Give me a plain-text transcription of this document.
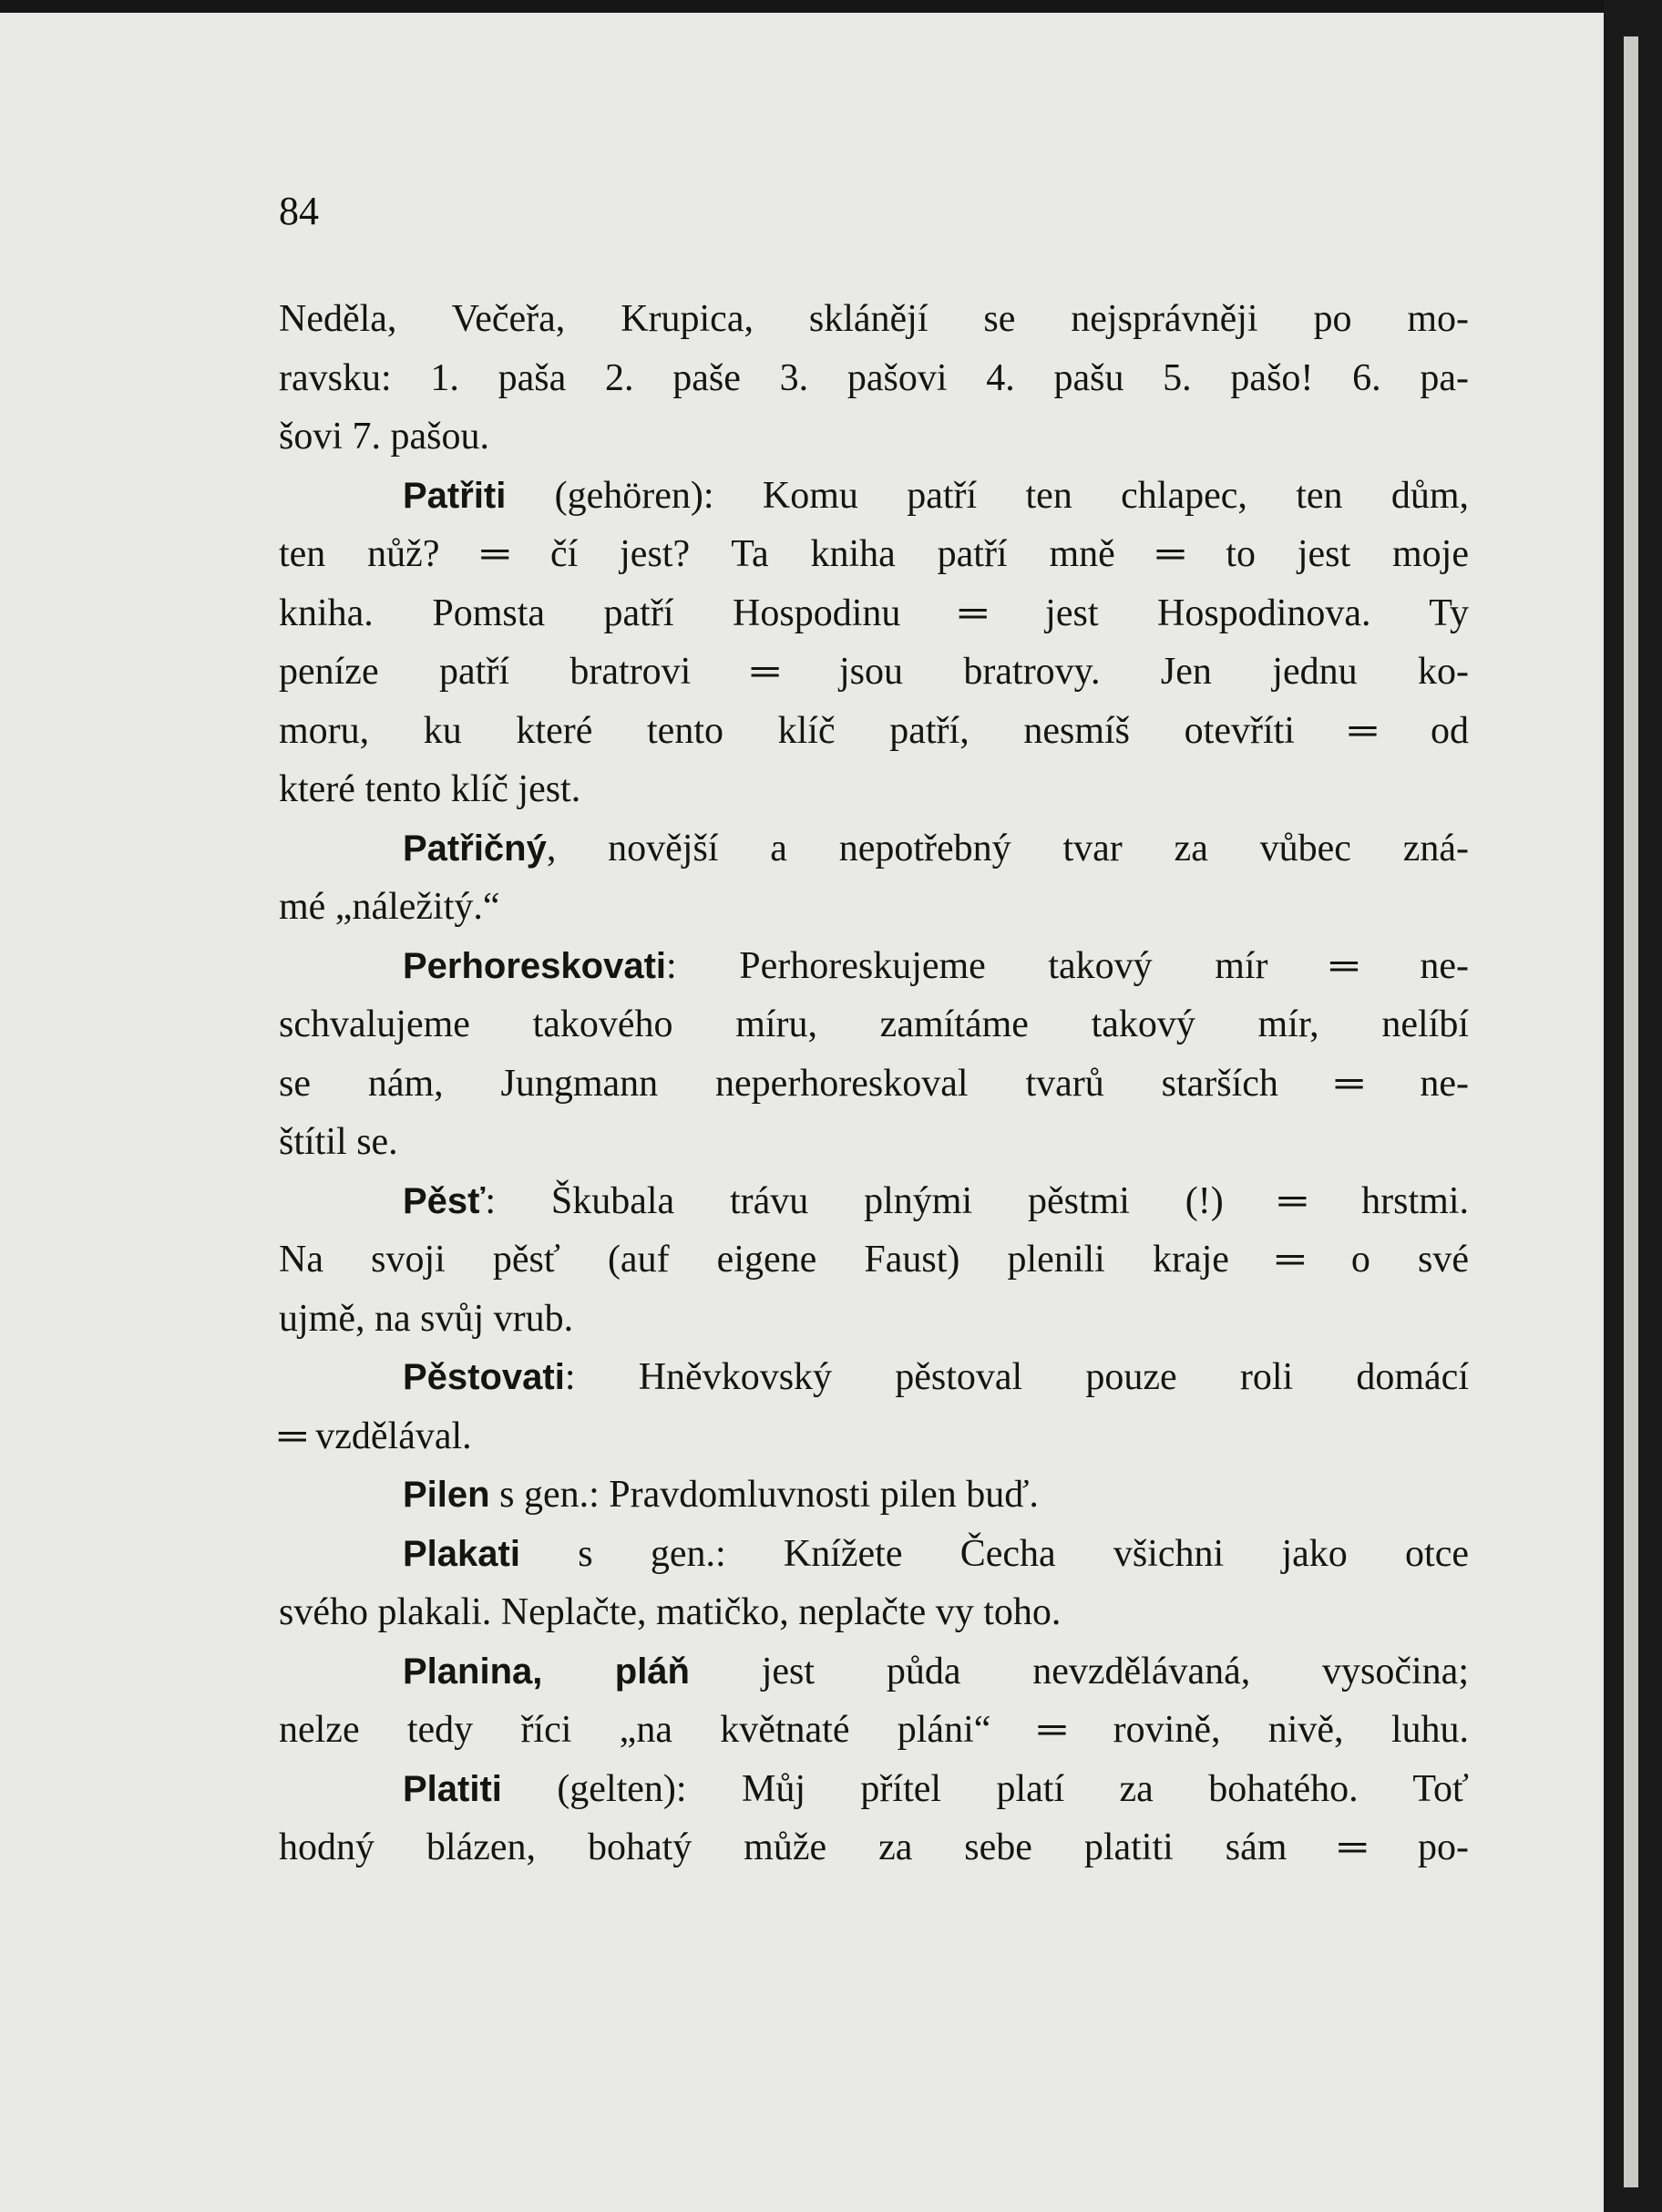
84
Neděla, Večeřa, Krupica, sklánějí se nejsprávněji po mo-
ravsku: 1. paša 2. paše 3. pašovi 4. pašu 5. pašo! 6. pa-
šovi 7. pašou.
Patřiti (gehören): Komu patří ten chlapec, ten dům,
ten nůž? ═ čí jest? Ta kniha patří mně ═ to jest moje
kniha. Pomsta patří Hospodinu ═ jest Hospodinova. Ty
peníze patří bratrovi ═ jsou bratrovy. Jen jednu ko-
moru, ku které tento klíč patří, nesmíš otevříti ═ od
které tento klíč jest.
Patřičný, novější a nepotřebný tvar za vůbec zná-
mé „náležitý.“
Perhoreskovati: Perhoreskujeme takový mír ═ ne-
schvalujeme takového míru, zamítáme takový mír, nelíbí
se nám, Jungmann neperhoreskoval tvarů starších ═ ne-
štítil se.
Pěsť: Škubala trávu plnými pěstmi (!) ═ hrstmi.
Na svoji pěsť (auf eigene Faust) plenili kraje ═ o své
ujmě, na svůj vrub.
Pěstovati: Hněvkovský pěstoval pouze roli domácí
═ vzdělával.
Pilen s gen.: Pravdomluvnosti pilen buď.
Plakati s gen.: Knížete Čecha všichni jako otce
svého plakali. Neplačte, matičko, neplačte vy toho.
Planina, pláň jest půda nevzdělávaná, vysočina;
nelze tedy říci „na květnaté pláni“ ═ rovině, nivě, luhu.
Platiti (gelten): Můj přítel platí za bohatého. Toť
hodný blázen, bohatý může za sebe platiti sám ═ po-
